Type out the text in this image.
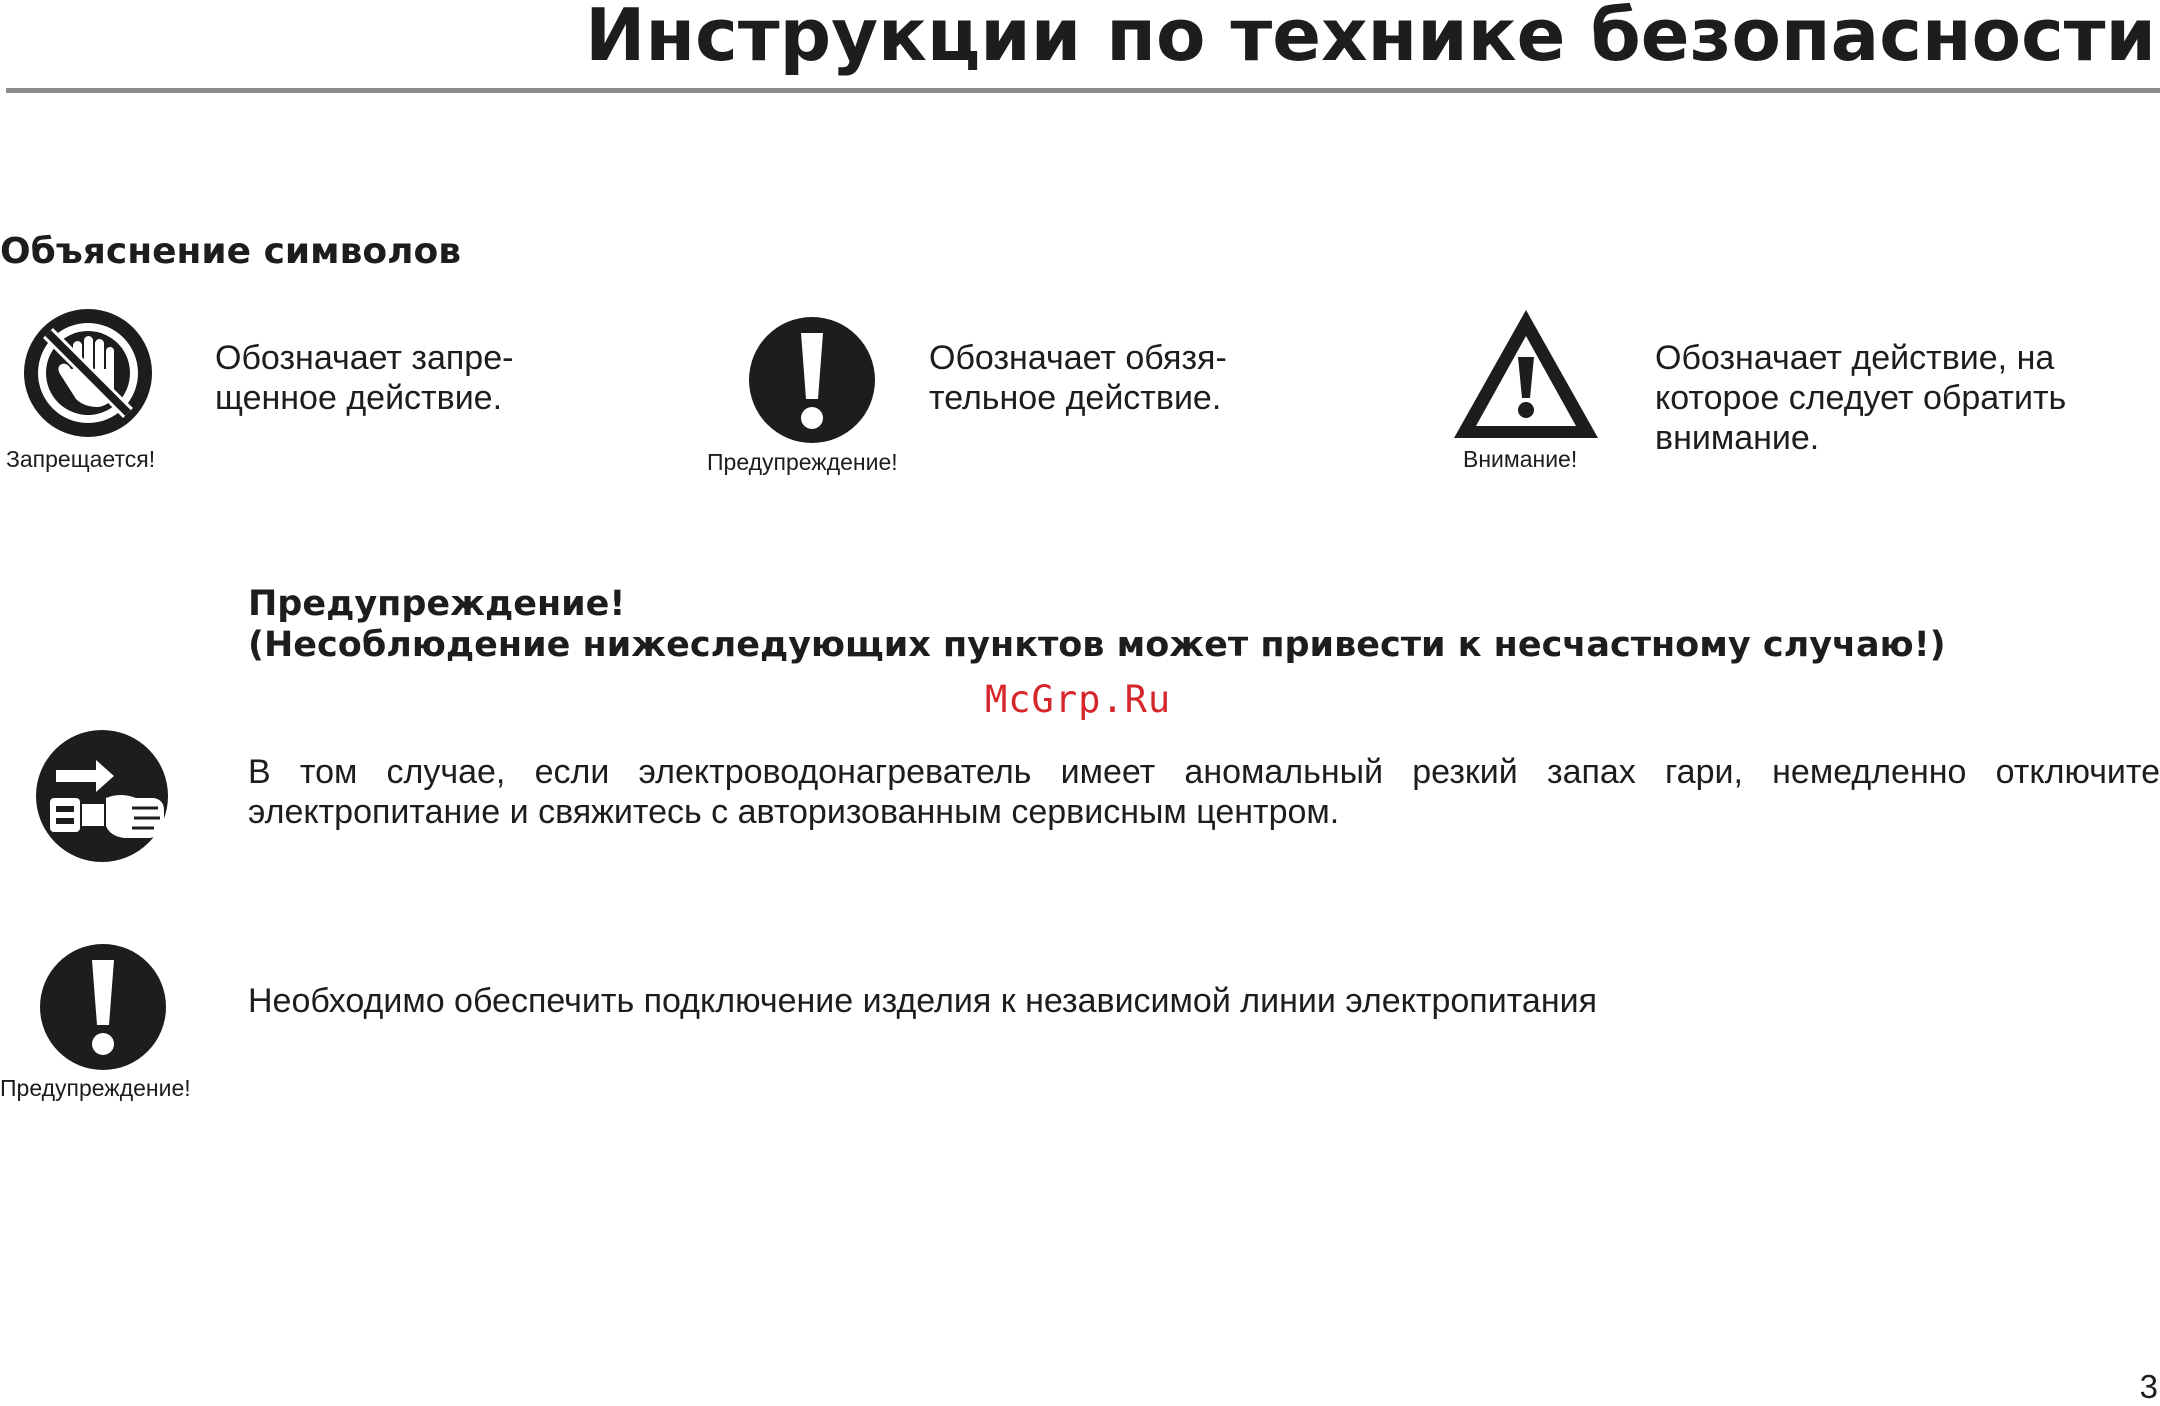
Инструкции по технике безопасности
Объяснение символов
Запрещается!
Обозначает запре-
щенное действие.
Предупреждение!
Обозначает обязя-
тельное действие.
Внимание!
Обозначает действие, на
которое следует обратить
внимание.
Предупреждение!
(Несоблюдение нижеследующих пунктов может привести к несчастному случаю!)
McGrp.Ru
В том случае, если электроводонагреватель имеет аномальный резкий запах гари, немедленно отключите электропитание и свяжитесь с авторизованным сервисным центром.
Предупреждение!
Необходимо обеспечить подключение изделия к независимой линии электропитания
3
